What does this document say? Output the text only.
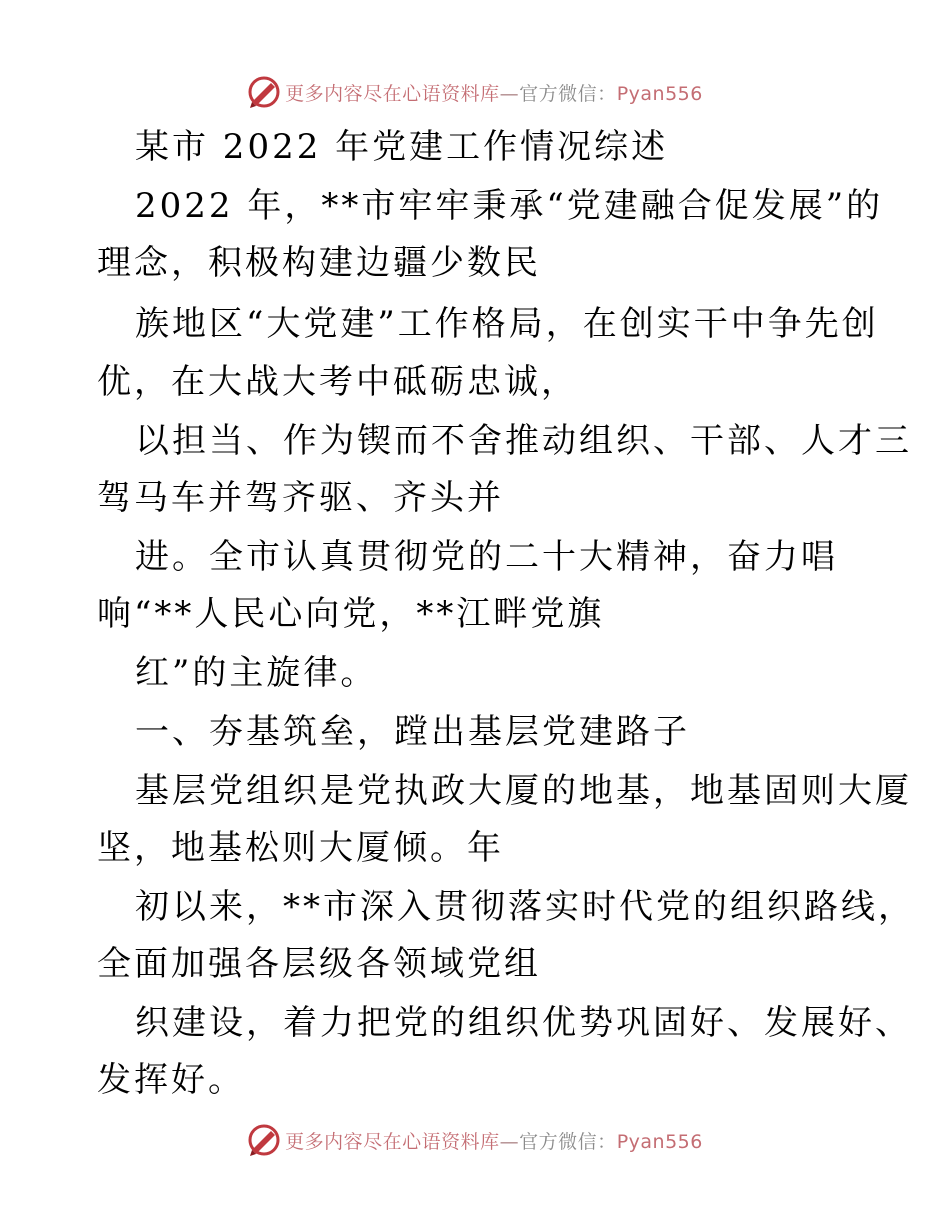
更多内容尽在心语资料库—官方微信：Pyan556
某市 2022 年党建工作情况综述
2022 年，**市牢牢秉承“党建融合促发展”的
理念，积极构建边疆少数民
族地区“大党建”工作格局，在创实干中争先创
优，在大战大考中砥砺忠诚，
以担当、作为锲而不舍推动组织、干部、人才三
驾马车并驾齐驱、齐头并
进。全市认真贯彻党的二十大精神，奋力唱
响“**人民心向党，**江畔党旗
红”的主旋律。
一、夯基筑垒，蹚出基层党建路子
基层党组织是党执政大厦的地基，地基固则大厦
坚，地基松则大厦倾。年
初以来，**市深入贯彻落实时代党的组织路线，
全面加强各层级各领域党组
织建设，着力把党的组织优势巩固好、发展好、
发挥好。
更多内容尽在心语资料库—官方微信：Pyan556
